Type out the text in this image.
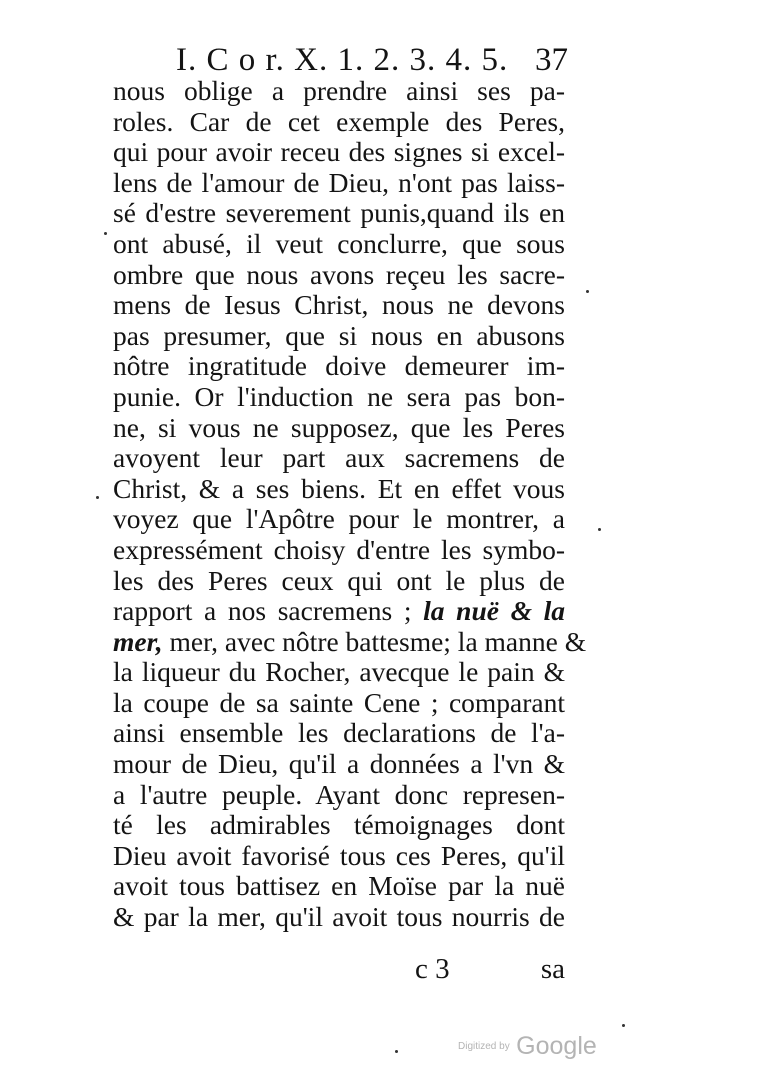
I. C o r. X. 1. 2. 3. 4. 5. 37
nous oblige a prendre ainsi ses pa-
roles. Car de cet exemple des Peres,
qui pour avoir receu des signes si excel-
lens de l'amour de Dieu, n'ont pas laiss-
sé d'estre severement punis,quand ils en
ont abusé, il veut conclurre, que sous
ombre que nous avons reçeu les sacre-
mens de Iesus Christ, nous ne devons
pas presumer, que si nous en abusons
nôtre ingratitude doive demeurer im-
punie. Or l'induction ne sera pas bon-
ne, si vous ne supposez, que les Peres
avoyent leur part aux sacremens de
Christ, & a ses biens. Et en effet vous
voyez que l'Apôtre pour le montrer, a
expressément choisy d'entre les symbo-
les des Peres ceux qui ont le plus de
rapport a nos sacremens ; la nuë & la
mer, mer, avec nôtre battesme; la manne &
la liqueur du Rocher, avecque le pain &
la coupe de sa sainte Cene ; comparant
ainsi ensemble les declarations de l'a-
mour de Dieu, qu'il a données a l'vn &
a l'autre peuple. Ayant donc represen-
té les admirables témoignages dont
Dieu avoit favorisé tous ces Peres, qu'il
avoit tous battisez en Moïse par la nuë
& par la mer, qu'il avoit tous nourris de
c 3	sa
Digitized by Google
